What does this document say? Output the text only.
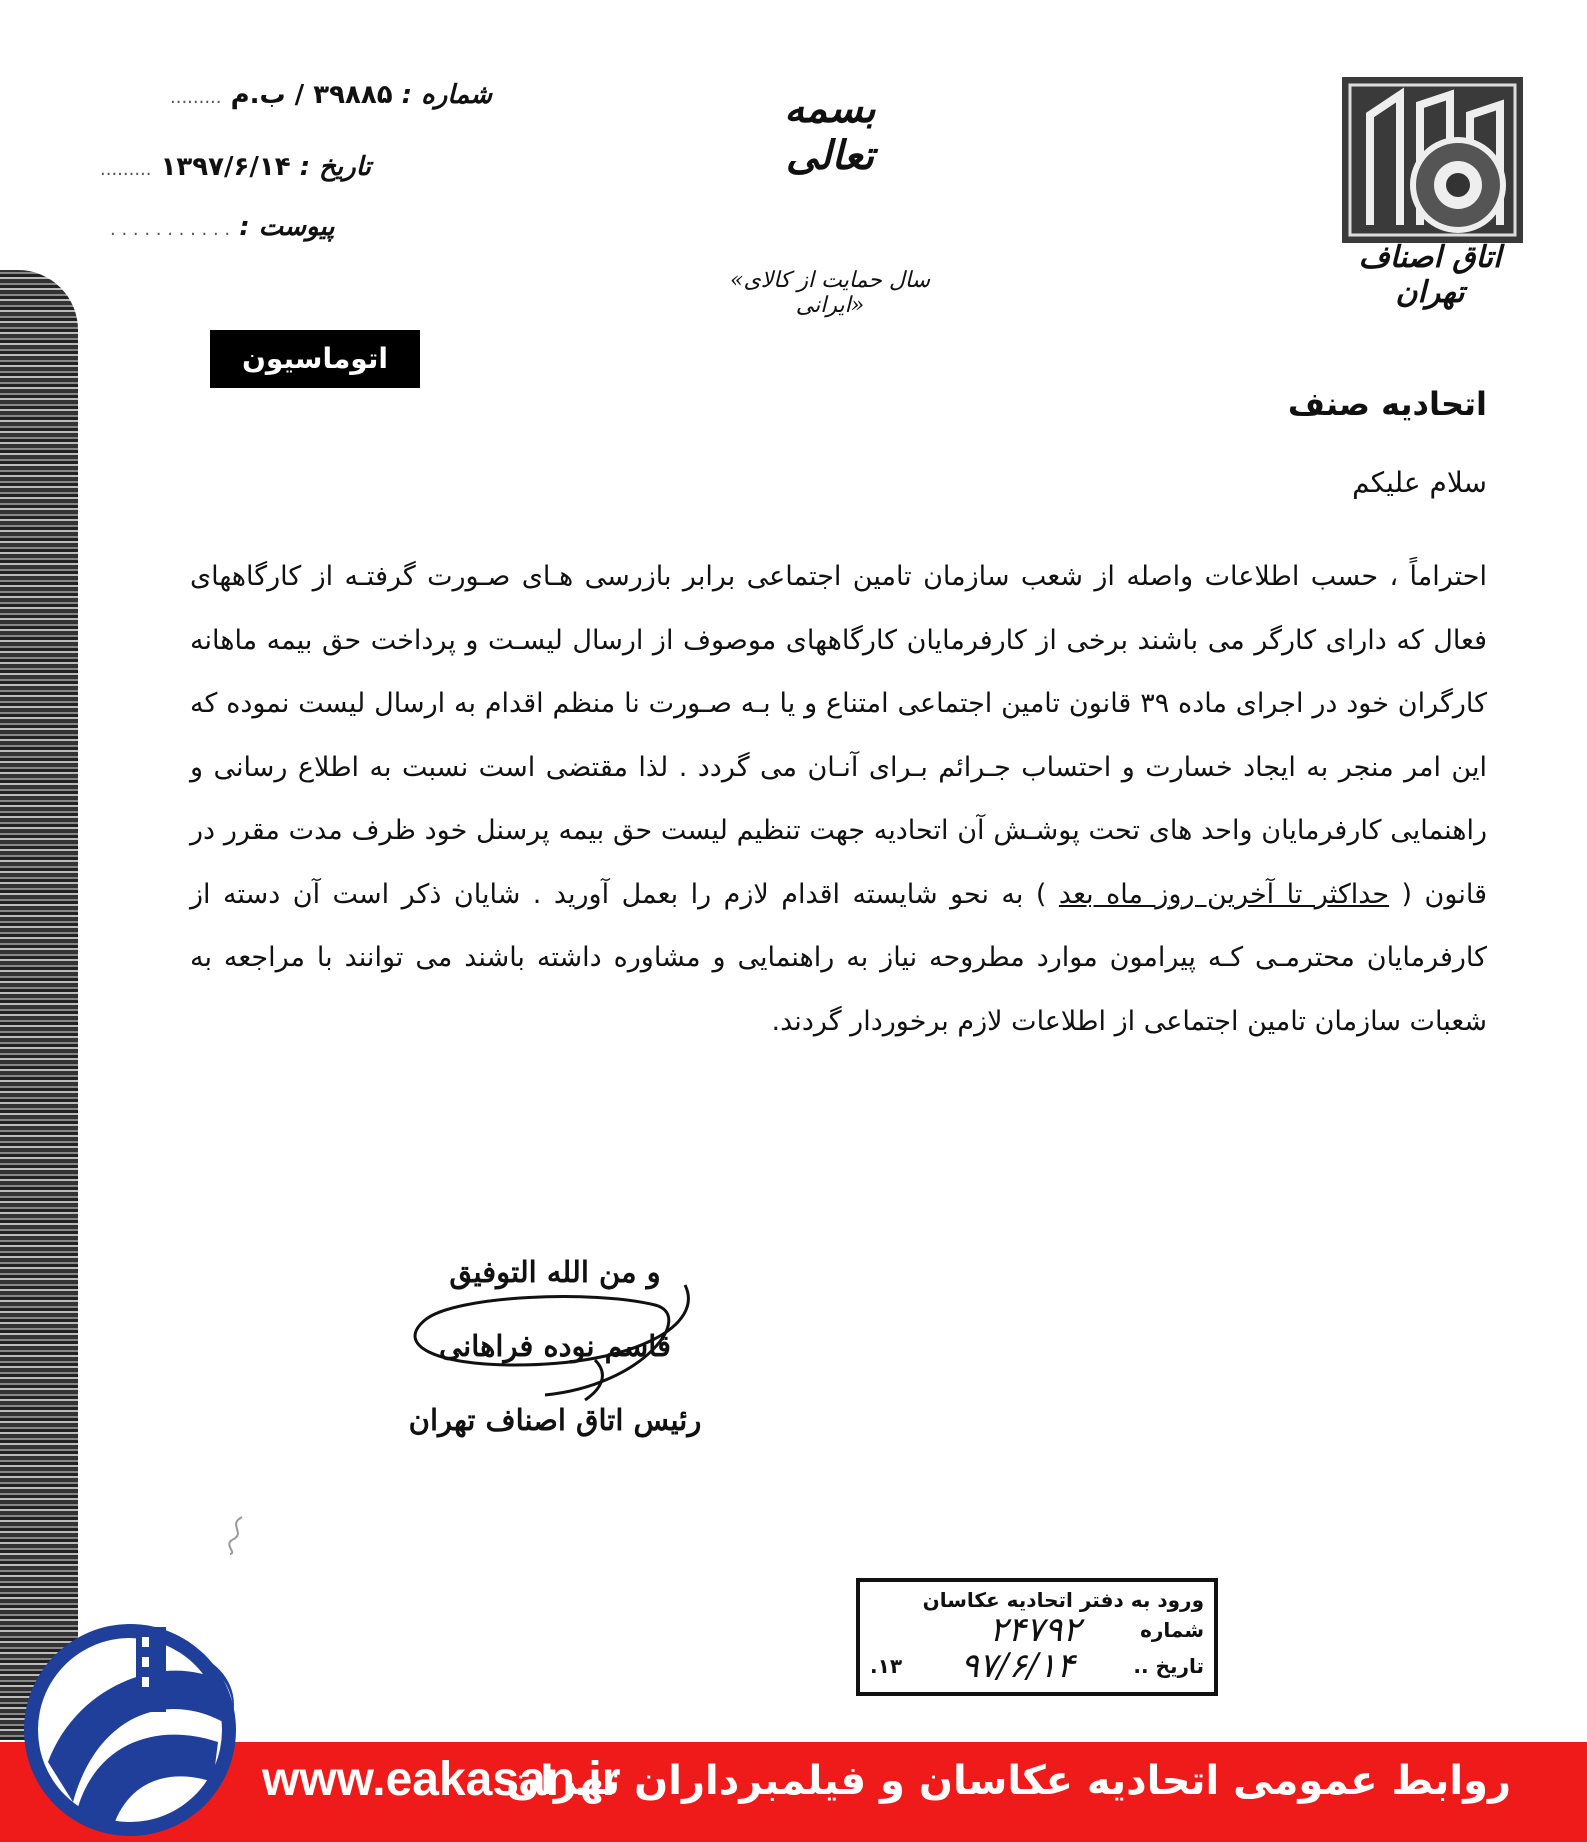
اتاق اصناف تهران
بسمه تعالی
«سال حمایت از کالای ایرانی»
شماره : ۳۹۸۸۵ / ب.م .........
تاریخ : ۱۳۹۷/۶/۱۴ .........
پیوست : . . . . . . . . . . .
اتوماسیون اداری	اتحادیه صنف
سلام علیکم
احتراماً ، حسب اطلاعات واصله از شعب سازمان تامین اجتماعی برابر بازرسی هـای صـورت گرفتـه از کارگاههای فعال که دارای کارگر می باشند برخی از کارفرمایان کارگاههای موصوف از ارسال لیسـت و پرداخت حق بیمه ماهانه کارگران خود در اجرای ماده ۳۹ قانون تامین اجتماعی امتناع و یا بـه صـورت نا منظم اقدام به ارسال لیست نموده که این امر منجر به ایجاد خسارت و احتساب جـرائم بـرای آنـان می گردد . لذا مقتضی است نسبت به اطلاع رسانی و راهنمایی کارفرمایان واحد های تحت پوشـش آن اتحادیه جهت تنظیم لیست حق بیمه پرسنل خود ظرف مدت مقرر در قانون ( حداکثر تا آخرین روز ماه بعد ) به نحو شایسته اقدام لازم را بعمل آورید . شایان ذکر است آن دسته از کارفرمایان محترمـی کـه پیرامون موارد مطروحه نیاز به راهنمایی و مشاوره داشته باشند می توانند با مراجعه به شعبات سازمان تامین اجتماعی از اطلاعات لازم برخوردار گردند.
و من الله التوفیق
قاسم نوده فراهانی
رئیس اتاق اصناف تهران
ورود به دفتر اتحادیه عکاسان
شماره
۲۴۷۹۲
تاریخ ..
۹۷/۶/۱۴
۱۳.
روابط عمومی اتحادیه عکاسان و فیلمبرداران تهران
www.eakasan.ir
